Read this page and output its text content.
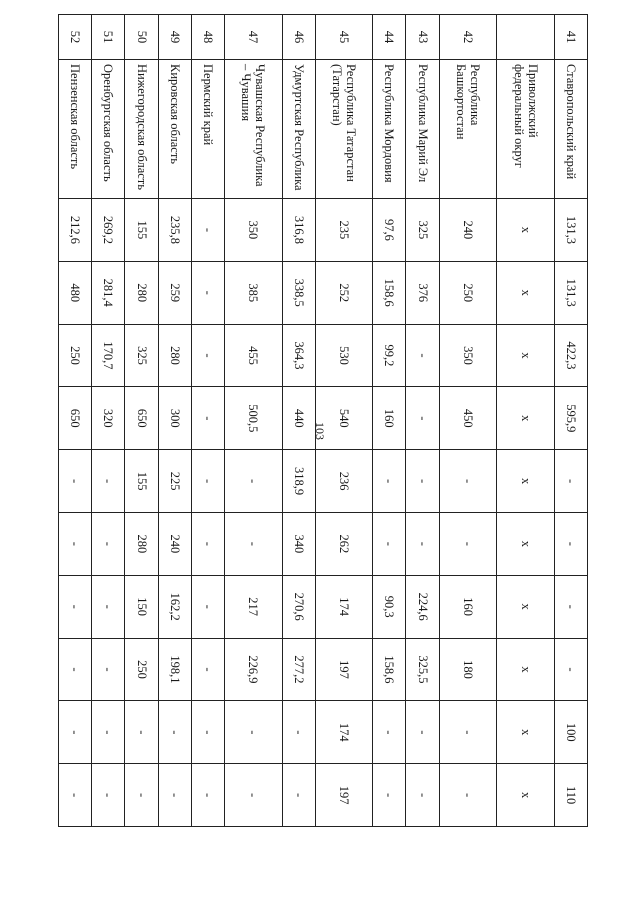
103
41	Ставропольский край	131,3	131,3	422,3	595,9	-	-	-	-	100	110
	Приволжский федеральный округ	x	x	x	x	x	x	x	x	x	x
42	Республика Башкортостан	240	250	350	450	-	-	160	180	-	-
43	Республика Марий Эл	325	376	-	-	-	-	224,6	325,5	-	-
44	Республика Мордовия	97,6	158,6	99,2	160	-	-	90,3	158,6	-	-
45	Республика Татарстан (Татарстан)	235	252	530	540	236	262	174	197	174	197
46	Удмуртская Республика	316,8	338,5	364,3	440	318,9	340	270,6	277,2	-	-
47	Чувашская Республика – Чувашия	350	385	455	500,5	-	-	217	226,9	-	-
48	Пермский край	-	-	-	-	-	-	-	-	-	-
49	Кировская область	235,8	259	280	300	225	240	162,2	198,1	-	-
50	Нижегородская область	155	280	325	650	155	280	150	250	-	-
51	Оренбургская область	269,2	281,4	170,7	320	-	-	-	-	-	-
52	Пензенская область	212,6	480	250	650	-	-	-	-	-	-
